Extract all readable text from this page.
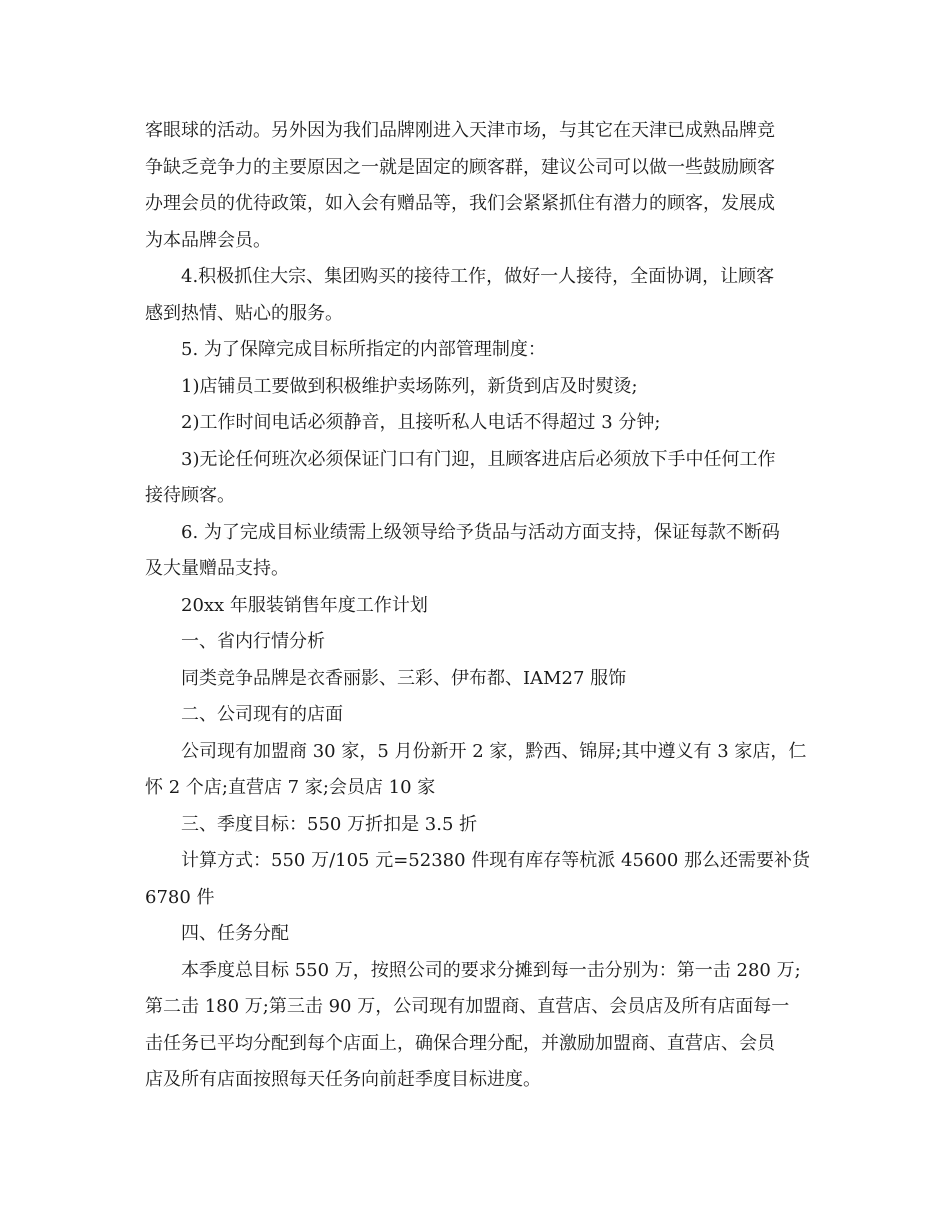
客眼球的活动。另外因为我们品牌刚进入天津市场，与其它在天津已成熟品牌竞
争缺乏竞争力的主要原因之一就是固定的顾客群，建议公司可以做一些鼓励顾客
办理会员的优待政策，如入会有赠品等，我们会紧紧抓住有潜力的顾客，发展成
为本品牌会员。
4.积极抓住大宗、集团购买的接待工作，做好一人接待，全面协调，让顾客
感到热情、贴心的服务。
5. 为了保障完成目标所指定的内部管理制度：
1)店铺员工要做到积极维护卖场陈列，新货到店及时熨烫;
2)工作时间电话必须静音，且接听私人电话不得超过 3 分钟;
3)无论任何班次必须保证门口有门迎，且顾客进店后必须放下手中任何工作
接待顾客。
6. 为了完成目标业绩需上级领导给予货品与活动方面支持，保证每款不断码
及大量赠品支持。
20xx 年服装销售年度工作计划
一、省内行情分析
同类竞争品牌是衣香丽影、三彩、伊布都、IAM27 服饰
二、公司现有的店面
公司现有加盟商 30 家，5 月份新开 2 家，黔西、锦屏;其中遵义有 3 家店，仁
怀 2 个店;直营店 7 家;会员店 10 家
三、季度目标：550 万折扣是 3.5 折
计算方式：550 万/105 元=52380 件现有库存等杭派 45600 那么还需要补货
6780 件
四、任务分配
本季度总目标 550 万，按照公司的要求分摊到每一击分别为：第一击 280 万;
第二击 180 万;第三击 90 万，公司现有加盟商、直营店、会员店及所有店面每一
击任务已平均分配到每个店面上，确保合理分配，并激励加盟商、直营店、会员
店及所有店面按照每天任务向前赶季度目标进度。
